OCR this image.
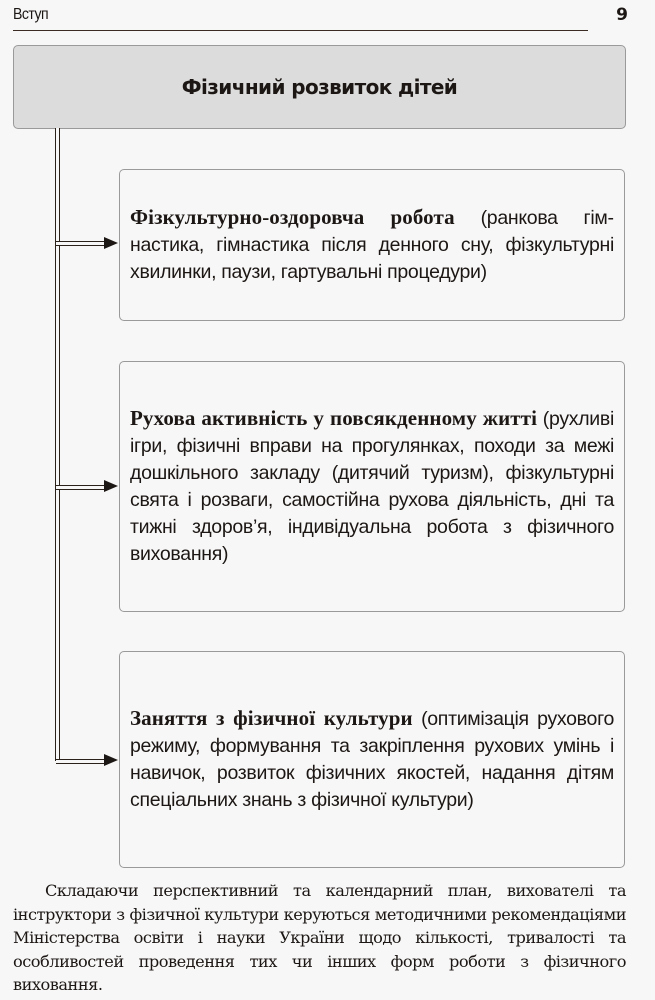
Вступ	9
Фізичний розвиток дітей

Фізкультурно-оздоровча робота (ранкова гімнастика, гімнастика після денного сну, фізкультурні хвилинки, паузи, гартувальні процедури)

Рухова активність у повсякденному житті (рухливі ігри, фізичні вправи на прогулянках, походи за межі дошкільного закладу (дитячий туризм), фізкультурні свята і розваги, самостійна рухова діяльність, дні та тижні здоров’я, індивідуальна робота з фізичного виховання)

Заняття з фізичної культури (оптимізація рухового режиму, формування та закріплення рухових умінь і навичок, розвиток фізичних якостей, надання дітям спеціальних знань з фізичної культури)

Складаючи перспективний та календарний план, вихователі та інструктори з фізичної культури керуються методичними рекомендаціями Міністерства освіти і науки України щодо кількості, тривалості та особливостей проведення тих чи інших форм роботи з фізичного виховання.
